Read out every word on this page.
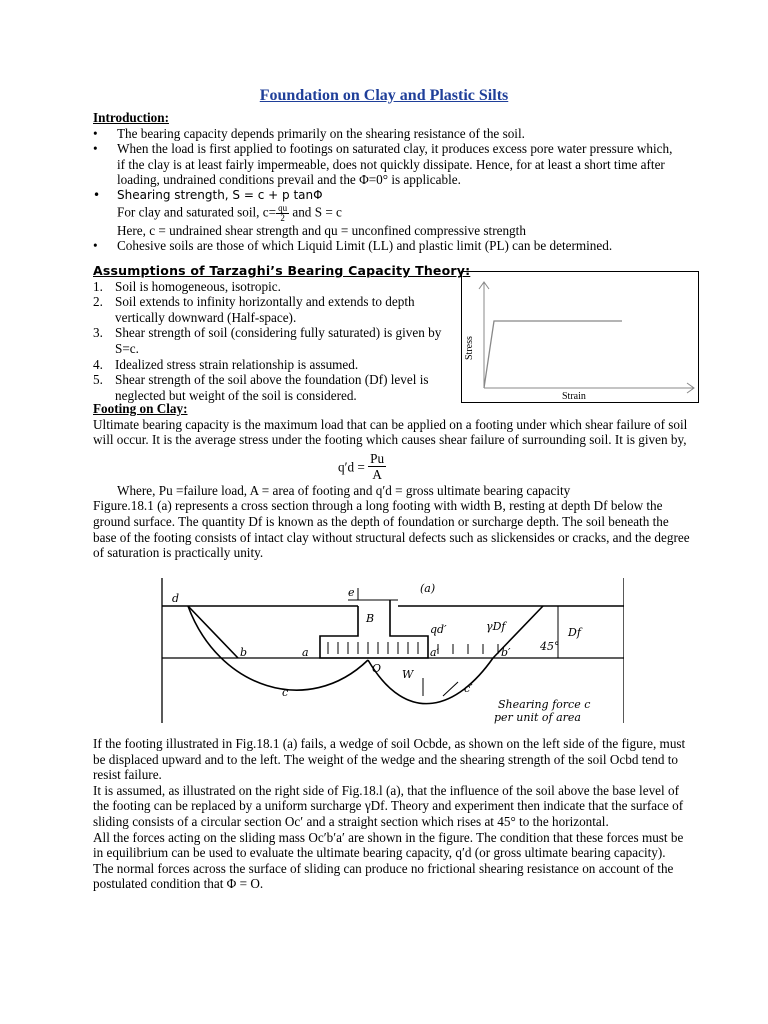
Foundation on Clay and Plastic Silts
Introduction:
• The bearing capacity depends primarily on the shearing resistance of the soil.
• When the load is first applied to footings on saturated clay, it produces excess pore water pressure which, if the clay is at least fairly impermeable, does not quickly dissipate. Hence, for at least a short time after loading, undrained conditions prevail and the Φ=0° is applicable.
• Shearing strength, S = c + p tanΦ
For clay and saturated soil, $c= \frac{qu}{2}$ and S = c
Here, c = undrained shear strength and qu = unconfined compressive strength
• Cohesive soils are those of which Liquid Limit (LL) and plastic limit (PL) can be determined.
Assumptions of Tarzaghi’s Bearing Capacity Theory:
1. Soil is homogeneous, isotropic.
2. Soil extends to infinity horizontally and extends to depth vertically downward (Half-space).
3. Shear strength of soil (considering fully saturated) is given by S=c.
4. Idealized stress strain relationship is assumed.
5. Shear strength of the soil above the foundation (Df) level is neglected but weight of the soil is considered.
Stress
Strain
Footing on Clay:

Ultimate bearing capacity is the maximum load that can be applied on a footing under which shear failure of soil will occur. It is the average stress under the footing which causes shear failure of surrounding soil. It is given by,

$q'd = \frac{Pu}{A}$

Where, Pu =failure load, A = area of footing and q′d = gross ultimate bearing capacity

Figure.18.1 (a) represents a cross section through a long footing with width B, resting at depth Df below the ground surface. The quantity Df is known as the depth of foundation or surcharge depth. The soil beneath the base of the footing consists of intact clay without structural defects such as slickensides or cracks, and the degree of saturation is practically unity.

(a)
d	e
B
qd′	γDf	Df
45°
b	a	a′	b′
O W
c	c′
Shearing force c
per unit of area

If the footing illustrated in Fig.18.1 (a) fails, a wedge of soil Ocbde, as shown on the left side of the figure, must be displaced upward and to the left. The weight of the wedge and the shearing strength of the soil Ocbd tend to resist failure.

It is assumed, as illustrated on the right side of Fig.18.l (a), that the influence of the soil above the base level of the footing can be replaced by a uniform surcharge γDf. Theory and experiment then indicate that the surface of sliding consists of a circular section Oc′ and a straight section which rises at 45° to the horizontal.

All the forces acting on the sliding mass Oc′b′a′ are shown in the figure. The condition that these forces must be in equilibrium can be used to evaluate the ultimate bearing capacity, q′d (or gross ultimate bearing capacity).

The normal forces across the surface of sliding can produce no frictional shearing resistance on account of the postulated condition that Φ = O.
